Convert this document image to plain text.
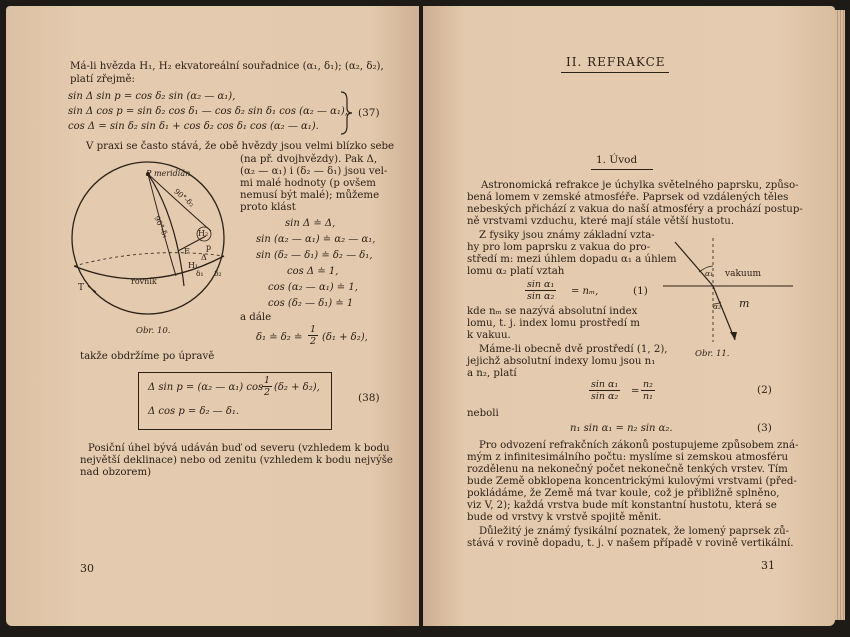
Má-li hvězda H₁, H₂ ekvatoreální souřadnice (α₁, δ₁); (α₂, δ₂),
platí zřejmě:
sin Δ sin p = cos δ₂ sin (α₂ — α₁),
sin Δ cos p = sin δ₂ cos δ₁ — cos δ₂ sin δ₁ cos (α₂ — α₁),
cos Δ = sin δ₂ sin δ₁ + cos δ₂ cos δ₁ cos (α₂ — α₁).
(37)
V praxi se často stává, že obě hvězdy jsou velmi blízko sebe
(na př. dvojhvězdy). Pak Δ,
(α₂ — α₁) i (δ₂ — δ₁) jsou vel-
mi malé hodnoty (p ovšem
nemusí být malé); můžeme
proto klást
sin Δ ≐ Δ,
sin (α₂ — α₁) ≐ α₂ — α₁,
sin (δ₂ — δ₁) ≐ δ₂ — δ₁,
cos Δ ≐ 1,
cos (α₂ — α₁) ≐ 1,
cos (δ₂ — δ₁) ≐ 1
a dále
δ₁ ≐ δ₂ ≐ $\frac{1}{2} (\delta_1 + \delta_2)$,
P meridián
90°-δ₂
90°-δ₁	H₂
p
F
Δ
H₁
δ₁ δ₂
rovník
T
Obr. 10.
takže obdržíme po úpravě
Δ sin p = (α₂ — α₁) cos
$\frac{1}{2} (\delta_2 + \delta_2)$,
Δ cos p = δ₂ — δ₁.
(38)
Posiční úhel bývá udáván buď od severu (vzhledem k bodu
největší deklinace) nebo od zenitu (vzhledem k bodu nejvýše
nad obzorem)
30
II. REFRAKCE
1. Úvod
Astronomická refrakce je úchylka světelného paprsku, způso-
bená lomem v zemské atmosféře. Paprsek od vzdálených těles
nebeských přichází z vakua do naší atmosféry a prochází postup-
ně vrstvami vzduchu, které mají stále větší hustotu.
Z fysiky jsou známy základní vzta-
hy pro lom paprsku z vakua do pro-
středí m: mezi úhlem dopadu α₁ a úhlem
lomu α₂ platí vztah
$\frac{\text{sin α₁}}{\text{sin α₂}} = n_m$,	(1)
kde nₘ se nazývá absolutní index
lomu, t. j. index lomu prostředí m
k vakuu.
Máme-li obecně dvě prostředí (1, 2),
jejichž absolutní indexy lomu jsou n₁
a n₂, platí
$\frac{\text{sin α₁}}{\text{sin α₂}} = \frac{\text{n₂}}{\text{n₁}}$	(2)
neboli
n₁ sin α₁ = n₂ sin α₂.	(3)
Pro odvození refrakčních zákonů postupujeme způsobem zná-
mým z infinitesimálního počtu: myslíme si zemskou atmosféru
rozdělenu na nekonečný počet nekonečně tenkých vrstev. Tím
bude Země obklopena koncentrickými kulovými vrstvami (před-
pokládáme, že Země má tvar koule, což je přibližně splněno,
viz V, 2); každá vrstva bude mít konstantní hustotu, která se
bude od vrstvy k vrstvě spojitě měnit.
Důležitý je známý fysikální poznatek, že lomený paprsek zů-
stává v rovině dopadu, t. j. v našem případě v rovině vertikální.
α₁ vakuum
α₂ m
Obr. 11.
31
